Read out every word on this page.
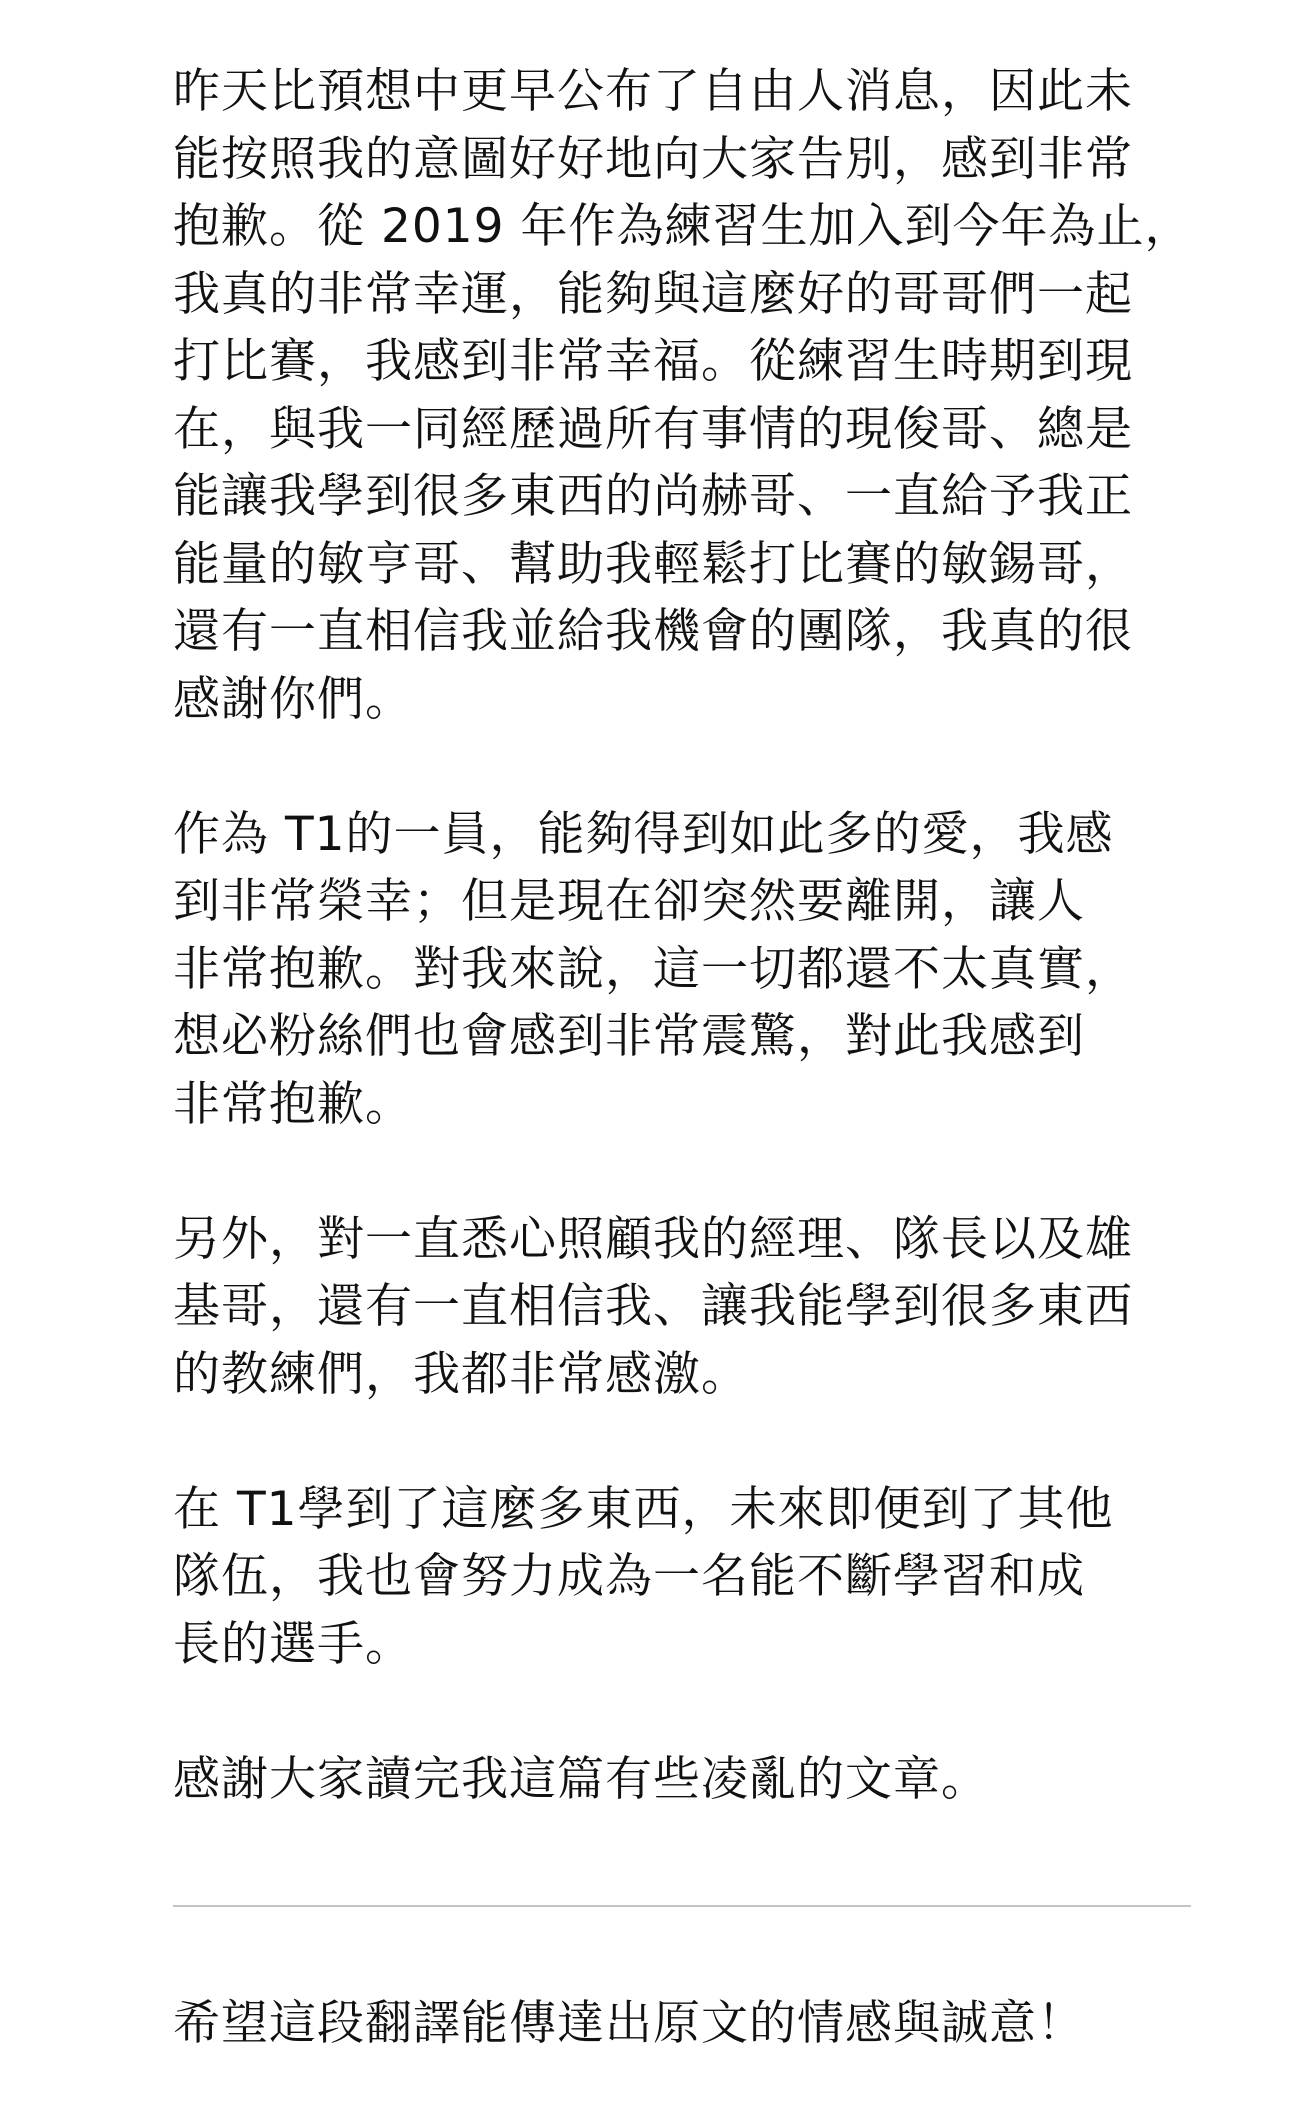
昨天比預想中更早公布了自由人消息，因此未
能按照我的意圖好好地向大家告別，感到非常
抱歉。從 2019 年作為練習生加入到今年為止，
我真的非常幸運，能夠與這麼好的哥哥們一起
打比賽，我感到非常幸福。從練習生時期到現
在，與我一同經歷過所有事情的現俊哥、總是
能讓我學到很多東西的尚赫哥、一直給予我正
能量的敏亨哥、幫助我輕鬆打比賽的敏錫哥，
還有一直相信我並給我機會的團隊，我真的很
感謝你們。
作為 T1的一員，能夠得到如此多的愛，我感
到非常榮幸；但是現在卻突然要離開，讓人
非常抱歉。對我來說，這一切都還不太真實，
想必粉絲們也會感到非常震驚，對此我感到
非常抱歉。
另外，對一直悉心照顧我的經理、隊長以及雄
基哥，還有一直相信我、讓我能學到很多東西
的教練們，我都非常感激。
在 T1學到了這麼多東西，未來即便到了其他
隊伍，我也會努力成為一名能不斷學習和成
長的選手。
感謝大家讀完我這篇有些凌亂的文章。
希望這段翻譯能傳達出原文的情感與誠意！
